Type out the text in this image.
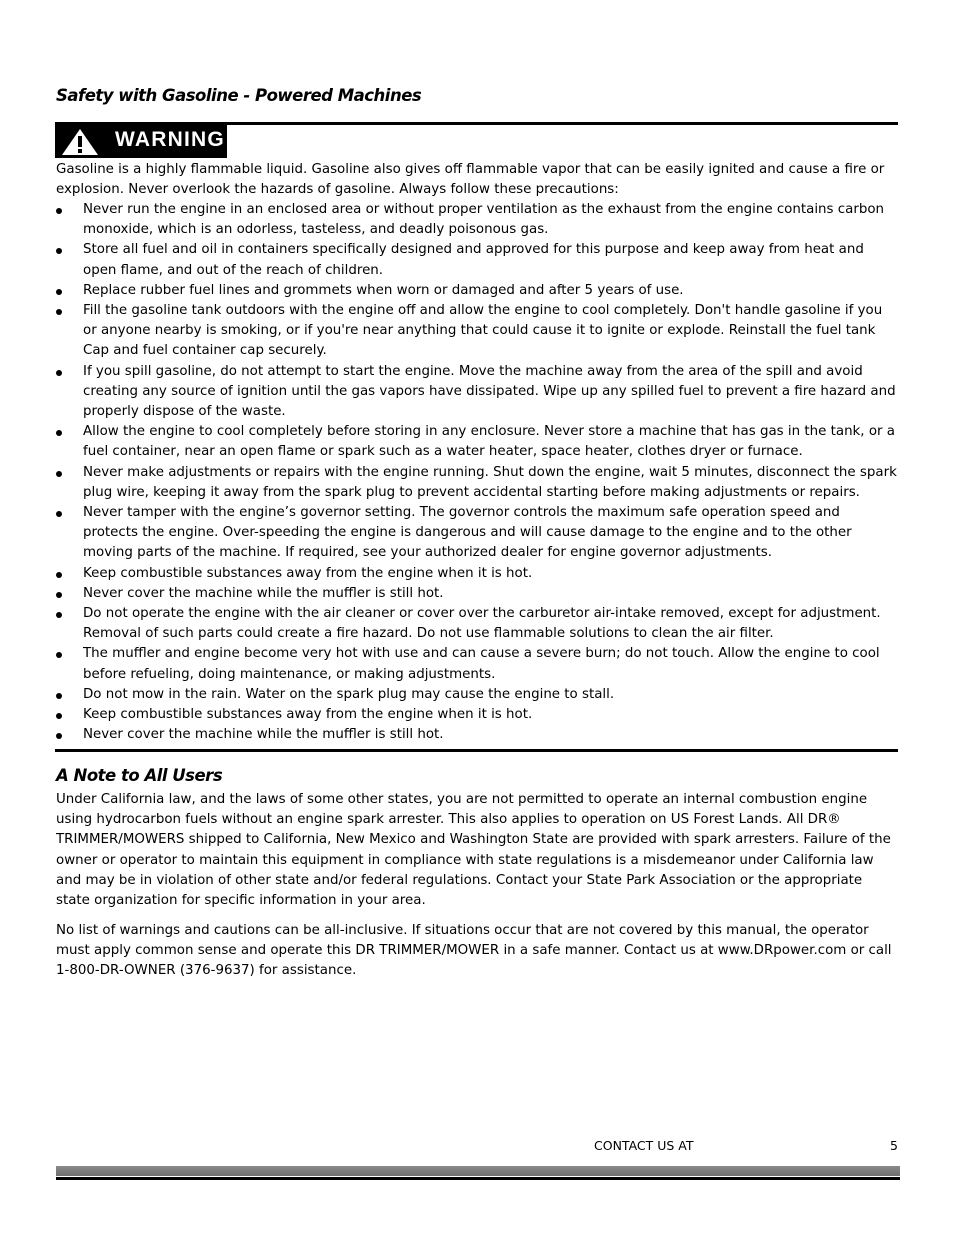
Safety with Gasoline - Powered Machines
WARNING

Gasoline is a highly flammable liquid. Gasoline also gives off flammable vapor that can be easily ignited and cause a fire or explosion. Never overlook the hazards of gasoline. Always follow these precautions:

Never run the engine in an enclosed area or without proper ventilation as the exhaust from the engine contains carbon monoxide, which is an odorless, tasteless, and deadly poisonous gas.
Store all fuel and oil in containers specifically designed and approved for this purpose and keep away from heat and open flame, and out of the reach of children.
Replace rubber fuel lines and grommets when worn or damaged and after 5 years of use.
Fill the gasoline tank outdoors with the engine off and allow the engine to cool completely. Don't handle gasoline if you or anyone nearby is smoking, or if you're near anything that could cause it to ignite or explode. Reinstall the fuel tank Cap and fuel container cap securely.
If you spill gasoline, do not attempt to start the engine. Move the machine away from the area of the spill and avoid creating any source of ignition until the gas vapors have dissipated. Wipe up any spilled fuel to prevent a fire hazard and properly dispose of the waste.
Allow the engine to cool completely before storing in any enclosure. Never store a machine that has gas in the tank, or a fuel container, near an open flame or spark such as a water heater, space heater, clothes dryer or furnace.
Never make adjustments or repairs with the engine running. Shut down the engine, wait 5 minutes, disconnect the spark plug wire, keeping it away from the spark plug to prevent accidental starting before making adjustments or repairs.
Never tamper with the engine’s governor setting. The governor controls the maximum safe operation speed and protects the engine. Over-speeding the engine is dangerous and will cause damage to the engine and to the other moving parts of the machine. If required, see your authorized dealer for engine governor adjustments.
Keep combustible substances away from the engine when it is hot.
Never cover the machine while the muffler is still hot.
Do not operate the engine with the air cleaner or cover over the carburetor air-intake removed, except for adjustment. Removal of such parts could create a fire hazard. Do not use flammable solutions to clean the air filter.
The muffler and engine become very hot with use and can cause a severe burn; do not touch. Allow the engine to cool before refueling, doing maintenance, or making adjustments.
Do not mow in the rain. Water on the spark plug may cause the engine to stall.
Keep combustible substances away from the engine when it is hot.
Never cover the machine while the muffler is still hot.
A Note to All Users

Under California law, and the laws of some other states, you are not permitted to operate an internal combustion engine using hydrocarbon fuels without an engine spark arrester. This also applies to operation on US Forest Lands. All DR® TRIMMER/MOWERS shipped to California, New Mexico and Washington State are provided with spark arresters. Failure of the owner or operator to maintain this equipment in compliance with state regulations is a misdemeanor under California law and may be in violation of other state and/or federal regulations. Contact your State Park Association or the appropriate state organization for specific information in your area.

No list of warnings and cautions can be all-inclusive. If situations occur that are not covered by this manual, the operator must apply common sense and operate this DR TRIMMER/MOWER in a safe manner. Contact us at www.DRpower.com or call 1-800-DR-OWNER (376-9637) for assistance.

CONTACT US AT	5
